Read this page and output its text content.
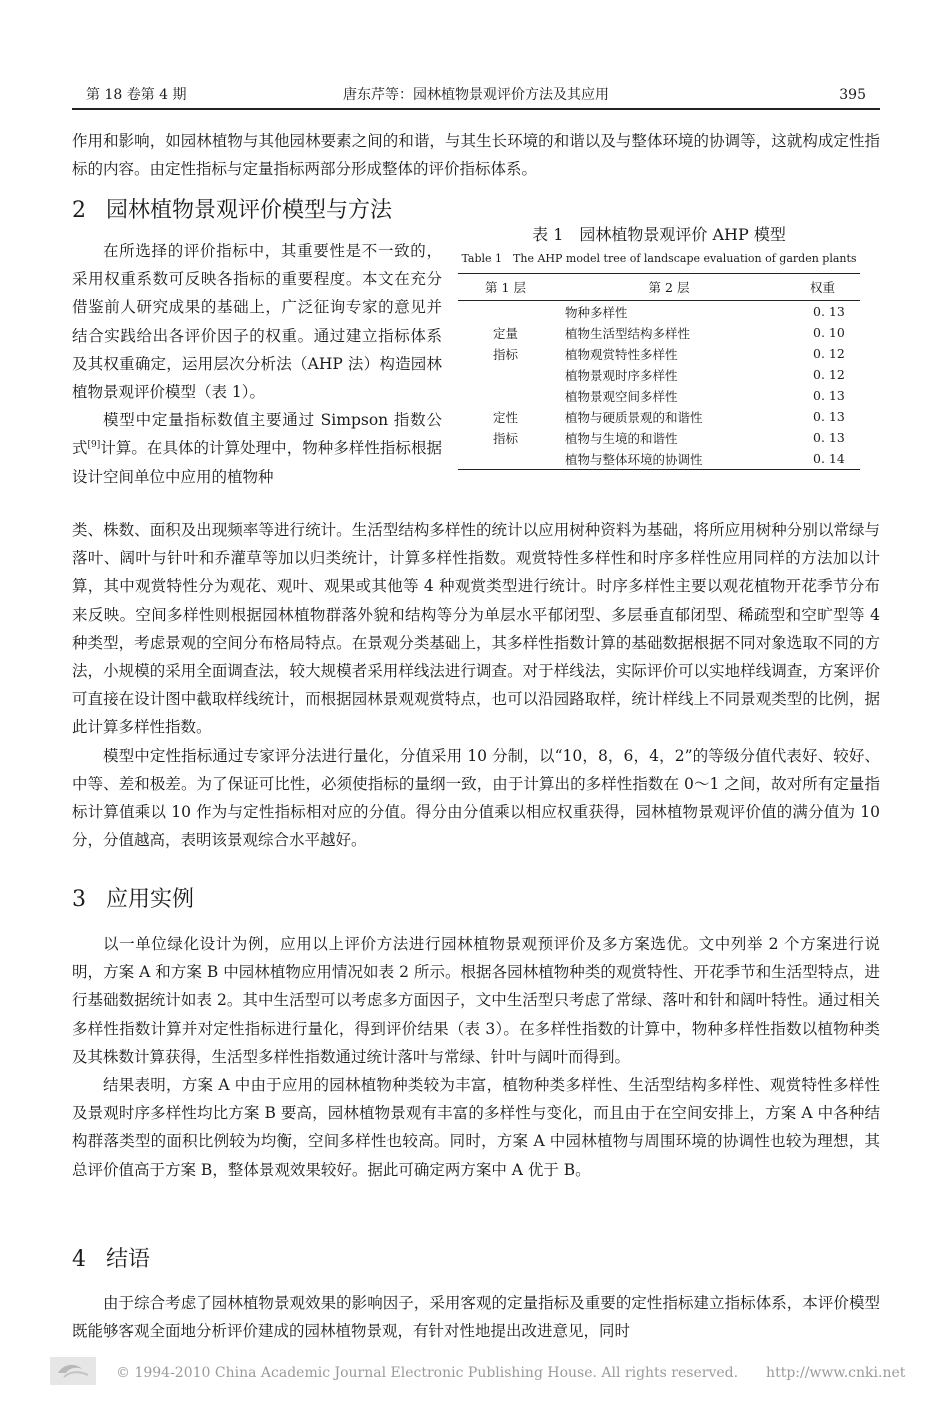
第 18 卷第 4 期	唐东芹等：园林植物景观评价方法及其应用	395

作用和影响，如园林植物与其他园林要素之间的和谐，与其生长环境的和谐以及与整体环境的协调等，这就构成定性指标的内容。由定性指标与定量指标两部分形成整体的评价指标体系。

2 园林植物景观评价模型与方法

在所选择的评价指标中，其重要性是不一致的，采用权重系数可反映各指标的重要程度。本文在充分借鉴前人研究成果的基础上，广泛征询专家的意见并结合实践给出各评价因子的权重。通过建立指标体系及其权重确定，运用层次分析法（AHP 法）构造园林植物景观评价模型（表 1）。

模型中定量指标数值主要通过 Simpson 指数公式[9]计算。在具体的计算处理中，物种多样性指标根据设计空间单位中应用的植物种

表 1　园林植物景观评价 AHP 模型
Table 1　The AHP model tree of landscape evaluation of garden plants
第 1 层	第 2 层	权重
	物种多样性	0. 13
定量	植物生活型结构多样性	0. 10
指标	植物观赏特性多样性	0. 12
	植物景观时序多样性	0. 12
	植物景观空间多样性	0. 13
定性	植物与硬质景观的和谐性	0. 13
指标	植物与生境的和谐性	0. 13
	植物与整体环境的协调性	0. 14

类、株数、面积及出现频率等进行统计。生活型结构多样性的统计以应用树种资料为基础，将所应用树种分别以常绿与落叶、阔叶与针叶和乔灌草等加以归类统计，计算多样性指数。观赏特性多样性和时序多样性应用同样的方法加以计算，其中观赏特性分为观花、观叶、观果或其他等 4 种观赏类型进行统计。时序多样性主要以观花植物开花季节分布来反映。空间多样性则根据园林植物群落外貌和结构等分为单层水平郁闭型、多层垂直郁闭型、稀疏型和空旷型等 4 种类型，考虑景观的空间分布格局特点。在景观分类基础上，其多样性指数计算的基础数据根据不同对象选取不同的方法，小规模的采用全面调查法，较大规模者采用样线法进行调查。对于样线法，实际评价可以实地样线调查，方案评价可直接在设计图中截取样线统计，而根据园林景观观赏特点，也可以沿园路取样，统计样线上不同景观类型的比例，据此计算多样性指数。

模型中定性指标通过专家评分法进行量化，分值采用 10 分制，以“10，8，6，4，2”的等级分值代表好、较好、中等、差和极差。为了保证可比性，必须使指标的量纲一致，由于计算出的多样性指数在 0～1 之间，故对所有定量指标计算值乘以 10 作为与定性指标相对应的分值。得分由分值乘以相应权重获得，园林植物景观评价值的满分值为 10 分，分值越高，表明该景观综合水平越好。

3 应用实例

以一单位绿化设计为例，应用以上评价方法进行园林植物景观预评价及多方案选优。文中列举 2 个方案进行说明，方案 A 和方案 B 中园林植物应用情况如表 2 所示。根据各园林植物种类的观赏特性、开花季节和生活型特点，进行基础数据统计如表 2。其中生活型可以考虑多方面因子，文中生活型只考虑了常绿、落叶和针和阔叶特性。通过相关多样性指数计算并对定性指标进行量化，得到评价结果（表 3）。在多样性指数的计算中，物种多样性指数以植物种类及其株数计算获得，生活型多样性指数通过统计落叶与常绿、针叶与阔叶而得到。

结果表明，方案 A 中由于应用的园林植物种类较为丰富，植物种类多样性、生活型结构多样性、观赏特性多样性及景观时序多样性均比方案 B 要高，园林植物景观有丰富的多样性与变化，而且由于在空间安排上，方案 A 中各种结构群落类型的面积比例较为均衡，空间多样性也较高。同时，方案 A 中园林植物与周围环境的协调性也较为理想，其总评价值高于方案 B，整体景观效果较好。据此可确定两方案中 A 优于 B。

4 结语

由于综合考虑了园林植物景观效果的影响因子，采用客观的定量指标及重要的定性指标建立指标体系，本评价模型既能够客观全面地分析评价建成的园林植物景观，有针对性地提出改进意见，同时

© 1994-2010 China Academic Journal Electronic Publishing House. All rights reserved.　　http://www.cnki.net
